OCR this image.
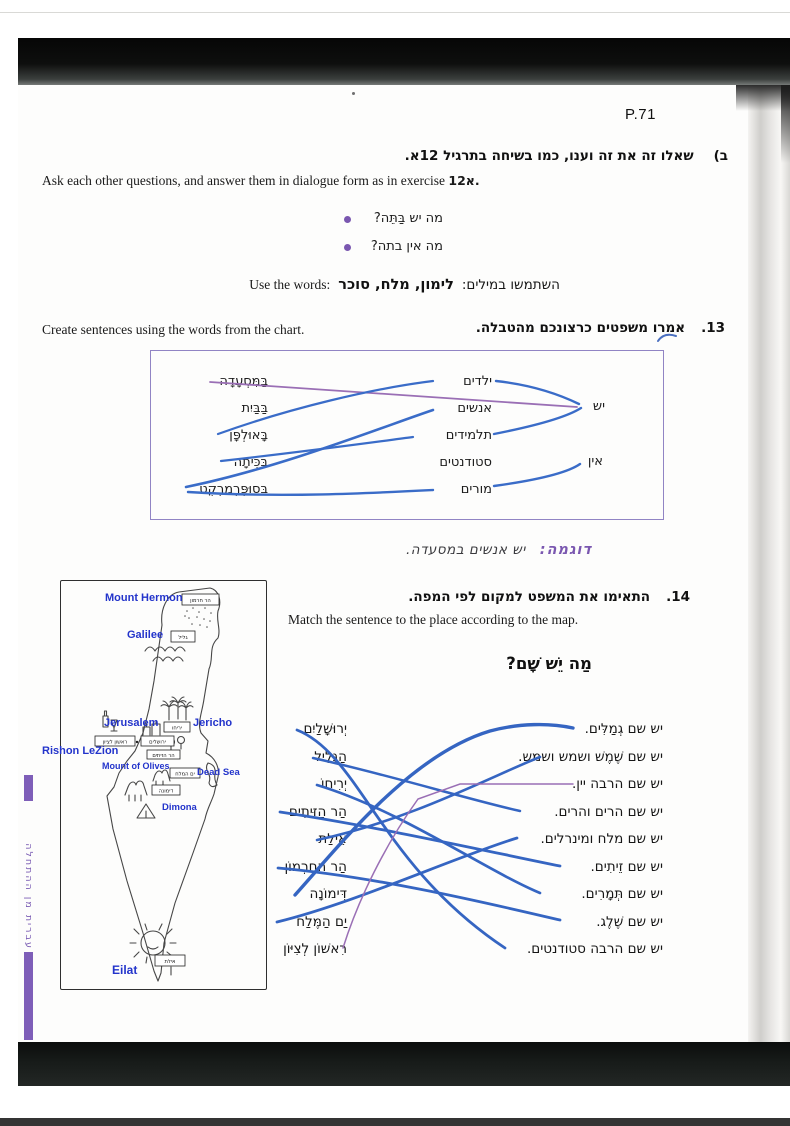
עברית מן ההתחלה
P.71
ב)
שאלו זה את זה וענו, כמו בשיחה בתרגיל 12א.
Ask each other questions, and answer them in dialogue form as in exercise א12.
מה יש בַּתֵּה?
מה אין בתה?
השתמשו במילים:
לימון, מלח, סוכר
Use the words:
.13
אמרו משפטים כרצונכם מהטבלה.
Create sentences using the words from the chart.
בַּמִּסְעָדָה
בַּבַּיִת
בָּאוּלְפָּן
בַּכִּיתָה
בַּסוּפֶּרְמַרְקֶט
ילדים
אנשים
תלמידים
סטודנטים
מורים
יש
אין
דוגמה:
יש אנשים במסעדה.
.14
התאימו את המשפט למקום לפי המפה.
Match the sentence to the place according to the map.
מַה יֵשׁ שָׁם?
הר חרמון
גליל
יריחו
ירושלים
ראשון לציון
הר הזיתים
ים המלח
דימונה
אילת
Mount Hermon
Galilee
Jerusalem	Jericho
Rishon LeZion
Mount of Olives
Dead Sea
Dimona
Eilat
יְרוּשָׁלַיִם
הַגָּלִיל
יְרִיחוֹ
הַר הַזֵּיתִים
אֵילַת
הַר הַחֶרְמוֹן
דִּימוֹנָה
יַם הַמֶּלַח
רִאשׁוֹן לְצִיּוֹן
יש שם גְמַלִּים.
יש שם שֶׁמֶשׁ ושמש ושמש.
יש שם הרבה יין.
יש שם הרים והרים.
יש שם מלח ומינרלים.
יש שם זֵיתִים.
יש שם תְּמָרִים.
יש שם שֶׁלֶג.
יש שם הרבה סטודנטים.
